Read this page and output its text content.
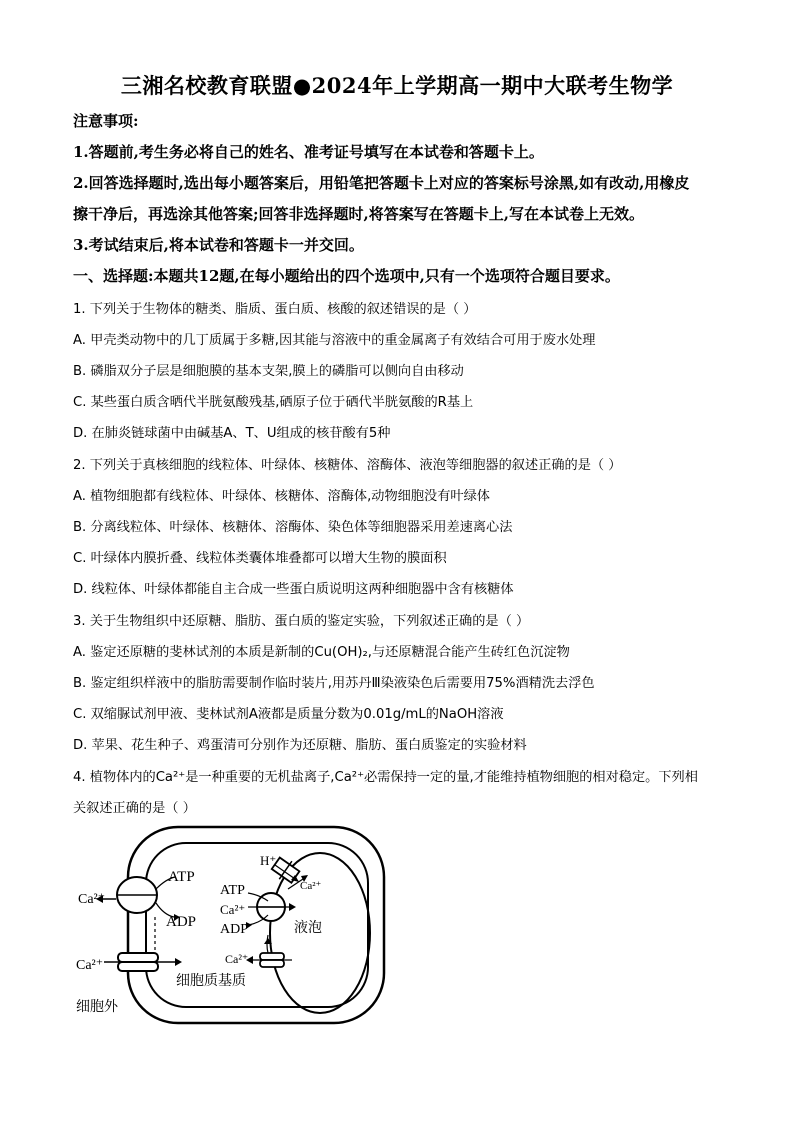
三湘名校教育联盟●2024年上学期高一期中大联考生物学
注意事项:
1.答题前,考生务必将自己的姓名、准考证号填写在本试卷和答题卡上。
2.回答选择题时,选出每小题答案后，用铅笔把答题卡上对应的答案标号涂黑,如有改动,用橡皮
擦干净后，再选涂其他答案;回答非选择题时,将答案写在答题卡上,写在本试卷上无效。
3.考试结束后,将本试卷和答题卡一并交回。
一、选择题:本题共12题,在每小题给出的四个选项中,只有一个选项符合题目要求。
1. 下列关于生物体的糖类、脂质、蛋白质、核酸的叙述错误的是（ ）
A. 甲壳类动物中的几丁质属于多糖,因其能与溶液中的重金属离子有效结合可用于废水处理
B. 磷脂双分子层是细胞膜的基本支架,膜上的磷脂可以侧向自由移动
C. 某些蛋白质含晒代半胱氨酸残基,硒原子位于硒代半胱氨酸的R基上
D. 在肺炎链球菌中由碱基A、T、U组成的核苷酸有5种
2. 下列关于真核细胞的线粒体、叶绿体、核糖体、溶酶体、液泡等细胞器的叙述正确的是（ ）
A. 植物细胞都有线粒体、叶绿体、核糖体、溶酶体,动物细胞没有叶绿体
B. 分离线粒体、叶绿体、核糖体、溶酶体、染色体等细胞器采用差速离心法
C. 叶绿体内膜折叠、线粒体类囊体堆叠都可以增大生物的膜面积
D. 线粒体、叶绿体都能自主合成一些蛋白质说明这两种细胞器中含有核糖体
3. 关于生物组织中还原糖、脂肪、蛋白质的鉴定实验，下列叙述正确的是（ ）
A. 鉴定还原糖的斐林试剂的本质是新制的Cu(OH)₂,与还原糖混合能产生砖红色沉淀物
B. 鉴定组织样液中的脂肪需要制作临时装片,用苏丹Ⅲ染液染色后需要用75%酒精洗去浮色
C. 双缩脲试剂甲液、斐林试剂A液都是质量分数为0.01g/mL的NaOH溶液
D. 苹果、花生种子、鸡蛋清可分别作为还原糖、脂肪、蛋白质鉴定的实验材料
4. 植物体内的Ca²⁺是一种重要的无机盐离子,Ca²⁺必需保持一定的量,才能维持植物细胞的相对稳定。下列相
关叙述正确的是（ ）
Ca²⁺
ATP
ADP
Ca²⁺
H⁺
Ca²⁺
ATP
Ca²⁺
ADP
Ca²⁺
液泡
细胞质基质
细胞外
